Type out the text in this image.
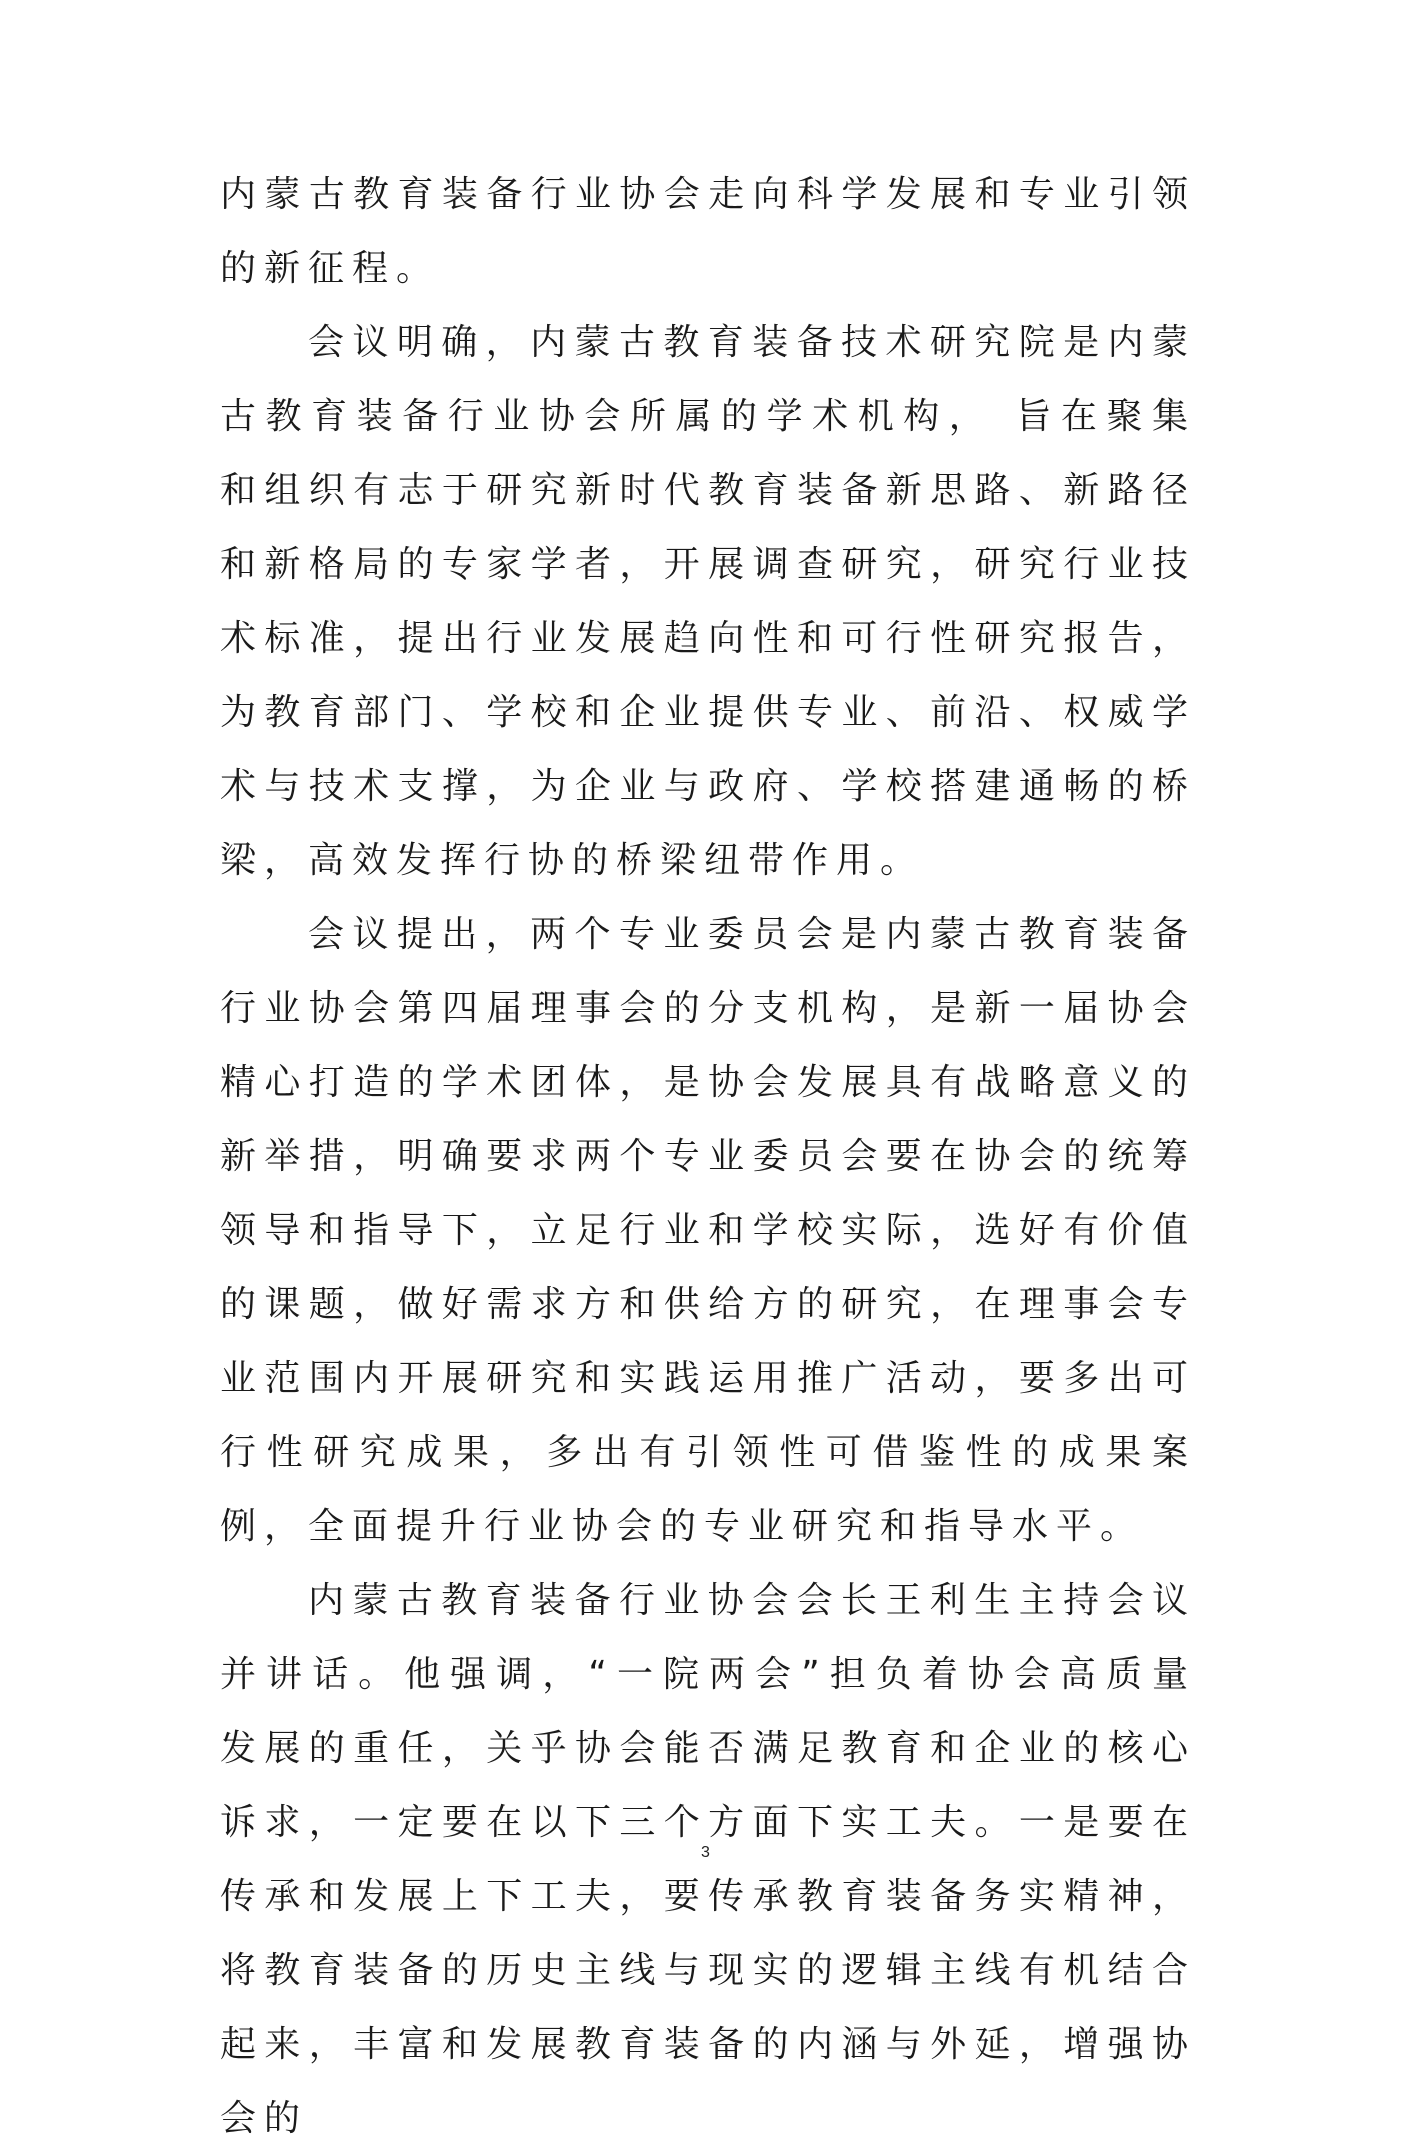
内蒙古教育装备行业协会走向科学发展和专业引领的新征程。

会议明确，内蒙古教育装备技术研究院是内蒙古教育装备行业协会所属的学术机构， 旨在聚集和组织有志于研究新时代教育装备新思路、新路径和新格局的专家学者，开展调查研究，研究行业技术标准，提出行业发展趋向性和可行性研究报告，为教育部门、学校和企业提供专业、前沿、权威学术与技术支撑，为企业与政府、学校搭建通畅的桥梁，高效发挥行协的桥梁纽带作用。

会议提出，两个专业委员会是内蒙古教育装备行业协会第四届理事会的分支机构，是新一届协会精心打造的学术团体，是协会发展具有战略意义的新举措，明确要求两个专业委员会要在协会的统筹领导和指导下，立足行业和学校实际，选好有价值的课题，做好需求方和供给方的研究，在理事会专业范围内开展研究和实践运用推广活动，要多出可行性研究成果，多出有引领性可借鉴性的成果案例，全面提升行业协会的专业研究和指导水平。

内蒙古教育装备行业协会会长王利生主持会议并讲话。他强调，“一院两会”担负着协会高质量发展的重任，关乎协会能否满足教育和企业的核心诉求，一定要在以下三个方面下实工夫。一是要在传承和发展上下工夫，要传承教育装备务实精神，将教育装备的历史主线与现实的逻辑主线有机结合起来，丰富和发展教育装备的内涵与外延，增强协会的

3
